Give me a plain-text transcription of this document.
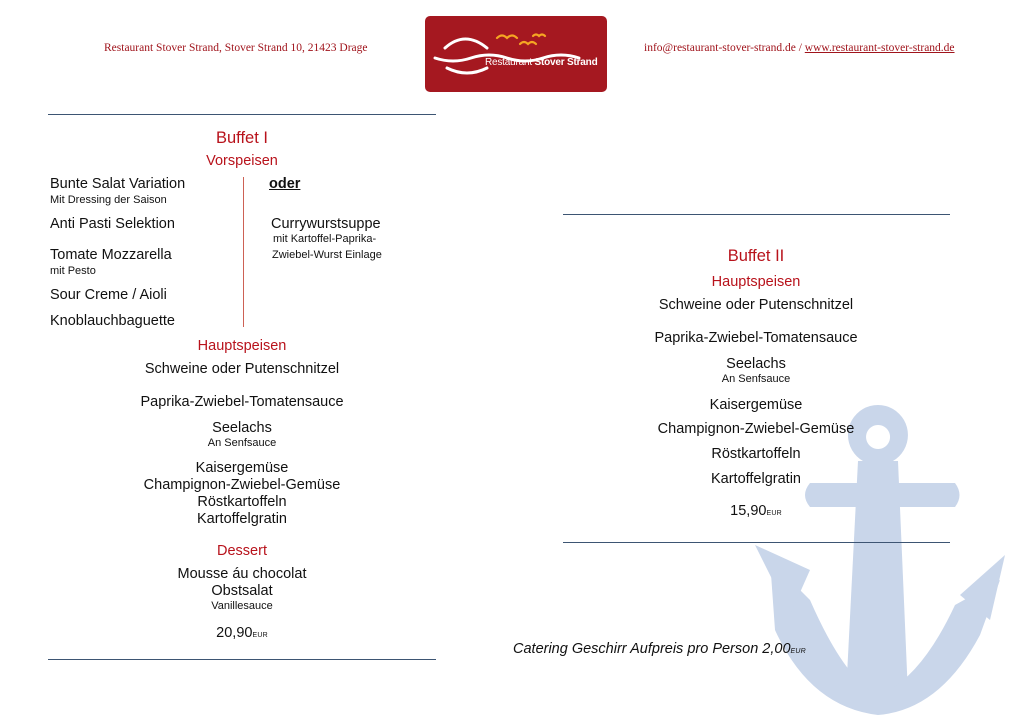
Restaurant Stover Strand, Stover Strand 10, 21423 Drage
Restaurant Stover Strand
info@restaurant-stover-strand.de / www.restaurant-stover-strand.de
Buffet I
Vorspeisen
Bunte Salat Variation
Mit Dressing der Saison
Anti Pasti Selektion
Tomate Mozzarella
mit Pesto
Sour Creme / Aioli
Knoblauchbaguette
oder
Currywurstsuppe
mit Kartoffel-Paprika-
Zwiebel-Wurst Einlage
Hauptspeisen
Schweine oder Putenschnitzel
Paprika-Zwiebel-Tomatensauce
Seelachs
An Senfsauce
Kaisergemüse
Champignon-Zwiebel-Gemüse
Röstkartoffeln
Kartoffelgratin
Dessert
Mousse áu chocolat
Obstsalat
Vanillesauce
20,90EUR
Buffet II
Hauptspeisen
Schweine oder Putenschnitzel
Paprika-Zwiebel-Tomatensauce
Seelachs
An Senfsauce
Kaisergemüse
Champignon-Zwiebel-Gemüse
Röstkartoffeln
Kartoffelgratin
15,90EUR
Catering Geschirr Aufpreis pro Person 2,00EUR
